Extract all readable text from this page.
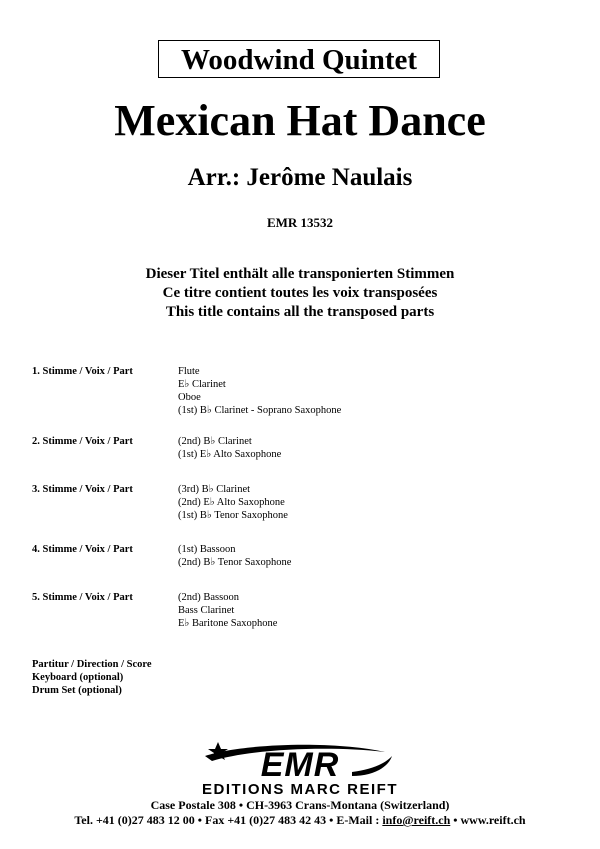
Woodwind Quintet
Mexican Hat Dance
Arr.: Jerôme Naulais
EMR 13532
Dieser Titel enthält alle transponierten Stimmen
Ce titre contient toutes les voix transposées
This title contains all the transposed parts
1. Stimme / Voix / Part	Flute
E♭ Clarinet
Oboe
(1st) B♭ Clarinet - Soprano Saxophone
2. Stimme / Voix / Part	(2nd) B♭ Clarinet
(1st) E♭ Alto Saxophone
3. Stimme / Voix / Part	(3rd) B♭ Clarinet
(2nd) E♭ Alto Saxophone
(1st) B♭ Tenor Saxophone
4. Stimme / Voix / Part	(1st) Bassoon
(2nd) B♭ Tenor Saxophone
5. Stimme / Voix / Part	(2nd) Bassoon
Bass Clarinet
E♭ Baritone Saxophone
Partitur / Direction / Score
Keyboard (optional)
Drum Set (optional)
EMR
EDITIONS MARC REIFT
Case Postale 308 • CH-3963 Crans-Montana (Switzerland)
Tel. +41 (0)27 483 12 00 • Fax +41 (0)27 483 42 43 • E-Mail : info@reift.ch • www.reift.ch
